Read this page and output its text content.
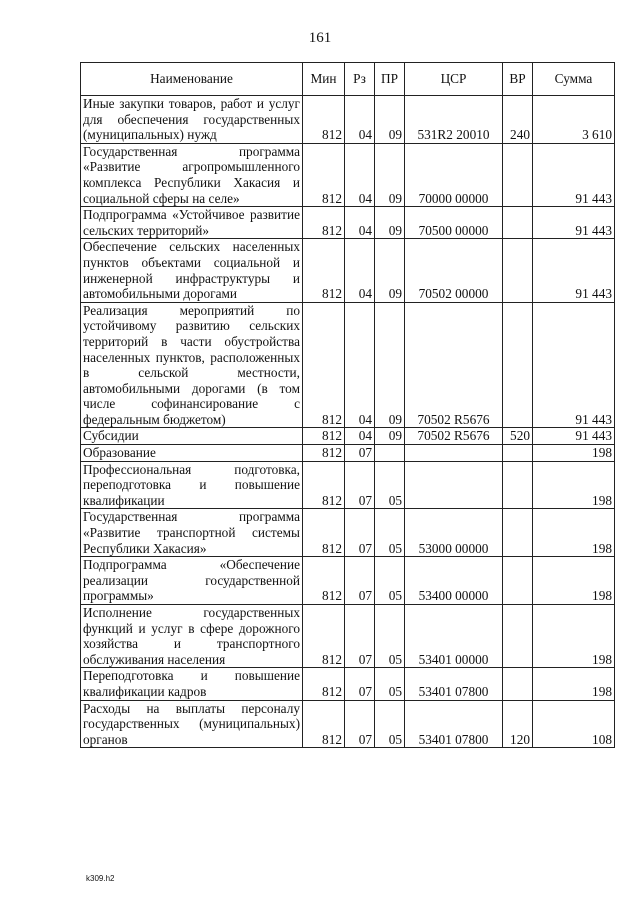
161
Наименование	Мин	Рз	ПР	ЦСР	ВР	Сумма
Иные закупки товаров, работ и услуг для обеспечения государственных (муниципальных) нужд	812	04	09	531R2 20010	240	3 610
Государственная программа «Развитие агропромышленного комплекса Республики Хакасия и социальной сферы на селе»	812	04	09	70000 00000		91 443
Подпрограмма «Устойчивое развитие сельских территорий»	812	04	09	70500 00000		91 443
Обеспечение сельских населенных пунктов объектами социальной и инженерной инфраструктуры и автомобильными дорогами	812	04	09	70502 00000		91 443
Реализация мероприятий по устойчивому развитию сельских территорий в части обустройства населенных пунктов, расположенных в сельской местности, автомобильными дорогами (в том числе софинансирование с федеральным бюджетом)	812	04	09	70502 R5676		91 443
Субсидии	812	04	09	70502 R5676	520	91 443
Образование	812	07				198
Профессиональная подготовка, переподготовка и повышение квалификации	812	07	05			198
Государственная программа «Развитие транспортной системы Республики Хакасия»	812	07	05	53000 00000		198
Подпрограмма «Обеспечение реализации государственной программы»	812	07	05	53400 00000		198
Исполнение государственных функций и услуг в сфере дорожного хозяйства и транспортного обслуживания населения	812	07	05	53401 00000		198
Переподготовка и повышение квалификации кадров	812	07	05	53401 07800		198
Расходы на выплаты персоналу государственных (муниципальных) органов	812	07	05	53401 07800	120	108
k309.h2
